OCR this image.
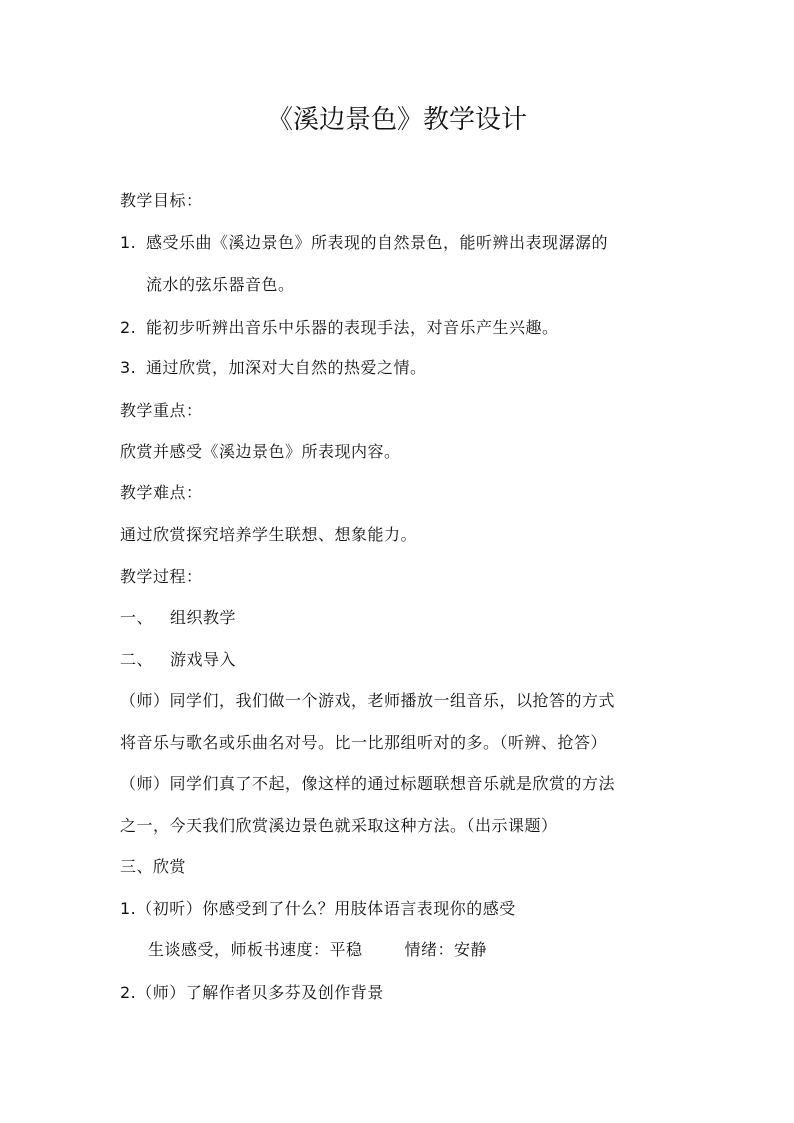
《溪边景色》教学设计
教学目标：
1. 感受乐曲《溪边景色》所表现的自然景色，能听辨出表现潺潺的
流水的弦乐器音色。
2. 能初步听辨出音乐中乐器的表现手法，对音乐产生兴趣。
3. 通过欣赏，加深对大自然的热爱之情。
教学重点：
欣赏并感受《溪边景色》所表现内容。
教学难点：
通过欣赏探究培养学生联想、想象能力。
教学过程：
一、 组织教学
二、 游戏导入
（师）同学们，我们做一个游戏，老师播放一组音乐，以抢答的方式
将音乐与歌名或乐曲名对号。比一比那组听对的多。（听辨、抢答）
（师）同学们真了不起，像这样的通过标题联想音乐就是欣赏的方法
之一，今天我们欣赏溪边景色就采取这种方法。（出示课题）
三、欣赏
1.（初听）你感受到了什么？用肢体语言表现你的感受
生谈感受，师板书速度：平稳	情绪：安静
2.（师）了解作者贝多芬及创作背景
